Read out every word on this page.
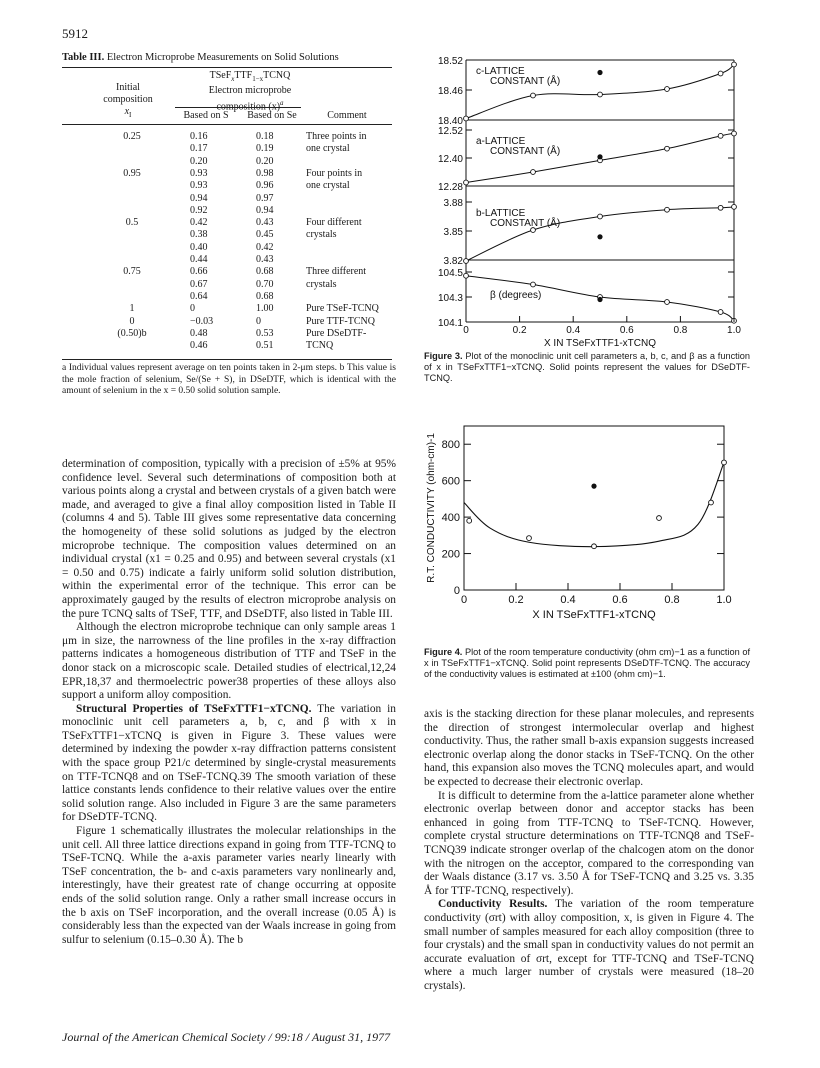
5912
Table III. Electron Microprobe Measurements on Solid Solutions
Initial
composition
$x_I$
$TSeF_xTTF_{1-x}TCNQ$
Electron microprobe
composition $(x)^a$
Based on S	Based on Se	Comment
0.25	0.16	0.18	Three points in
0.17	0.19	one crystal
0.20	0.20
0.95	0.93	0.98	Four points in
0.93	0.96	one crystal
0.94	0.97
0.92	0.94
0.5	0.42	0.43	Four different
0.38	0.45	crystals
0.40	0.42
0.44	0.43
0.75	0.66	0.68	Three different
0.67	0.70	crystals
0.64	0.68
1	0	1.00	Pure TSeF-TCNQ
0	−0.03	0	Pure TTF-TCNQ
(0.50)b	0.48	0.53	Pure DSeDTF-
0.46	0.51	TCNQ
a Individual values represent average on ten points taken in 2-μm steps. b This value is the mole fraction of selenium, Se/(Se + S), in DSeDTF, which is identical with the amount of selenium in the x = 0.50 solid solution sample.

determination of composition, typically with a precision of ±5% at 95% confidence level. Several such determinations of composition both at various points along a crystal and between crystals of a given batch were made, and averaged to give a final alloy composition listed in Table II (columns 4 and 5). Table III gives some representative data concerning the homogeneity of these solid solutions as judged by the electron microprobe technique. The composition values determined on an individual crystal (x1 = 0.25 and 0.95) and between several crystals (x1 = 0.50 and 0.75) indicate a fairly uniform solid solution distribution, within the experimental error of the technique. This error can be approximately gauged by the results of electron microprobe analysis on the pure TCNQ salts of TSeF, TTF, and DSeDTF, also listed in Table III.

Although the electron microprobe technique can only sample areas 1 μm in size, the narrowness of the line profiles in the x-ray diffraction patterns indicates a homogeneous distribution of TTF and TSeF in the donor stack on a microscopic scale. Detailed studies of electrical,12,24 EPR,18,37 and thermoelectric power38 properties of these alloys also support a uniform alloy composition.

Structural Properties of TSeFxTTF1−xTCNQ. The variation in monoclinic unit cell parameters a, b, c, and β with x in TSeFxTTF1−xTCNQ is given in Figure 3. These values were determined by indexing the powder x-ray diffraction patterns consistent with the space group P21/c determined by single-crystal measurements on TTF-TCNQ8 and on TSeF-TCNQ.39 The smooth variation of these lattice constants lends confidence to their relative values over the entire solid solution range. Also included in Figure 3 are the same parameters for DSeDTF-TCNQ.

Figure 1 schematically illustrates the molecular relationships in the unit cell. All three lattice directions expand in going from TTF-TCNQ to TSeF-TCNQ. While the a-axis parameter varies nearly linearly with TSeF concentration, the b- and c-axis parameters vary nonlinearly and, interestingly, have their greatest rate of change occurring at opposite ends of the solid solution range. Only a rather small increase occurs in the b axis on TSeF incorporation, and the overall increase (0.05 Å) is considerably less than the expected van der Waals increase in going from sulfur to selenium (0.15–0.30 Å). The b

18.52
18.46
18.40
c-LATTICE
CONSTANT (Å)
12.52
12.40
12.28
a-LATTICE
CONSTANT (Å)
3.88
3.85
3.82
b-LATTICE
CONSTANT (Å)
104.5
104.3
104.1
β (degrees)
0	0.2	0.4	0.6	0.8	1.0
X IN TSeFxTTF1-xTCNQ
Figure 3. Plot of the monoclinic unit cell parameters a, b, c, and β as a function of x in TSeFxTTF1−xTCNQ. Solid points represent the values for DSeDTF-TCNQ.
800
600
400
200
0
0	0.2	0.4	0.6	0.8	1.0
X IN TSeFxTTF1-xTCNQ
R.T. CONDUCTIVITY (ohm-cm)-1
Figure 4. Plot of the room temperature conductivity (ohm cm)−1 as a function of x in TSeFxTTF1−xTCNQ. Solid point represents DSeDTF-TCNQ. The accuracy of the conductivity values is estimated at ±100 (ohm cm)−1.

axis is the stacking direction for these planar molecules, and represents the direction of strongest intermolecular overlap and highest conductivity. Thus, the rather small b-axis expansion suggests increased electronic overlap along the donor stacks in TSeF-TCNQ. On the other hand, this expansion also moves the TCNQ molecules apart, and would be expected to decrease their electronic overlap.

It is difficult to determine from the a-lattice parameter alone whether electronic overlap between donor and acceptor stacks has been enhanced in going from TTF-TCNQ to TSeF-TCNQ. However, complete crystal structure determinations on TTF-TCNQ8 and TSeF-TCNQ39 indicate stronger overlap of the chalcogen atom on the donor with the nitrogen on the acceptor, compared to the corresponding van der Waals distance (3.17 vs. 3.50 Å for TSeF-TCNQ and 3.25 vs. 3.35 Å for TTF-TCNQ, respectively).

Conductivity Results. The variation of the room temperature conductivity (σrt) with alloy composition, x, is given in Figure 4. The small number of samples measured for each alloy composition (three to four crystals) and the small span in conductivity values do not permit an accurate evaluation of σrt, except for TTF-TCNQ and TSeF-TCNQ where a much larger number of crystals were measured (18–20 crystals).

Journal of the American Chemical Society / 99:18 / August 31, 1977
